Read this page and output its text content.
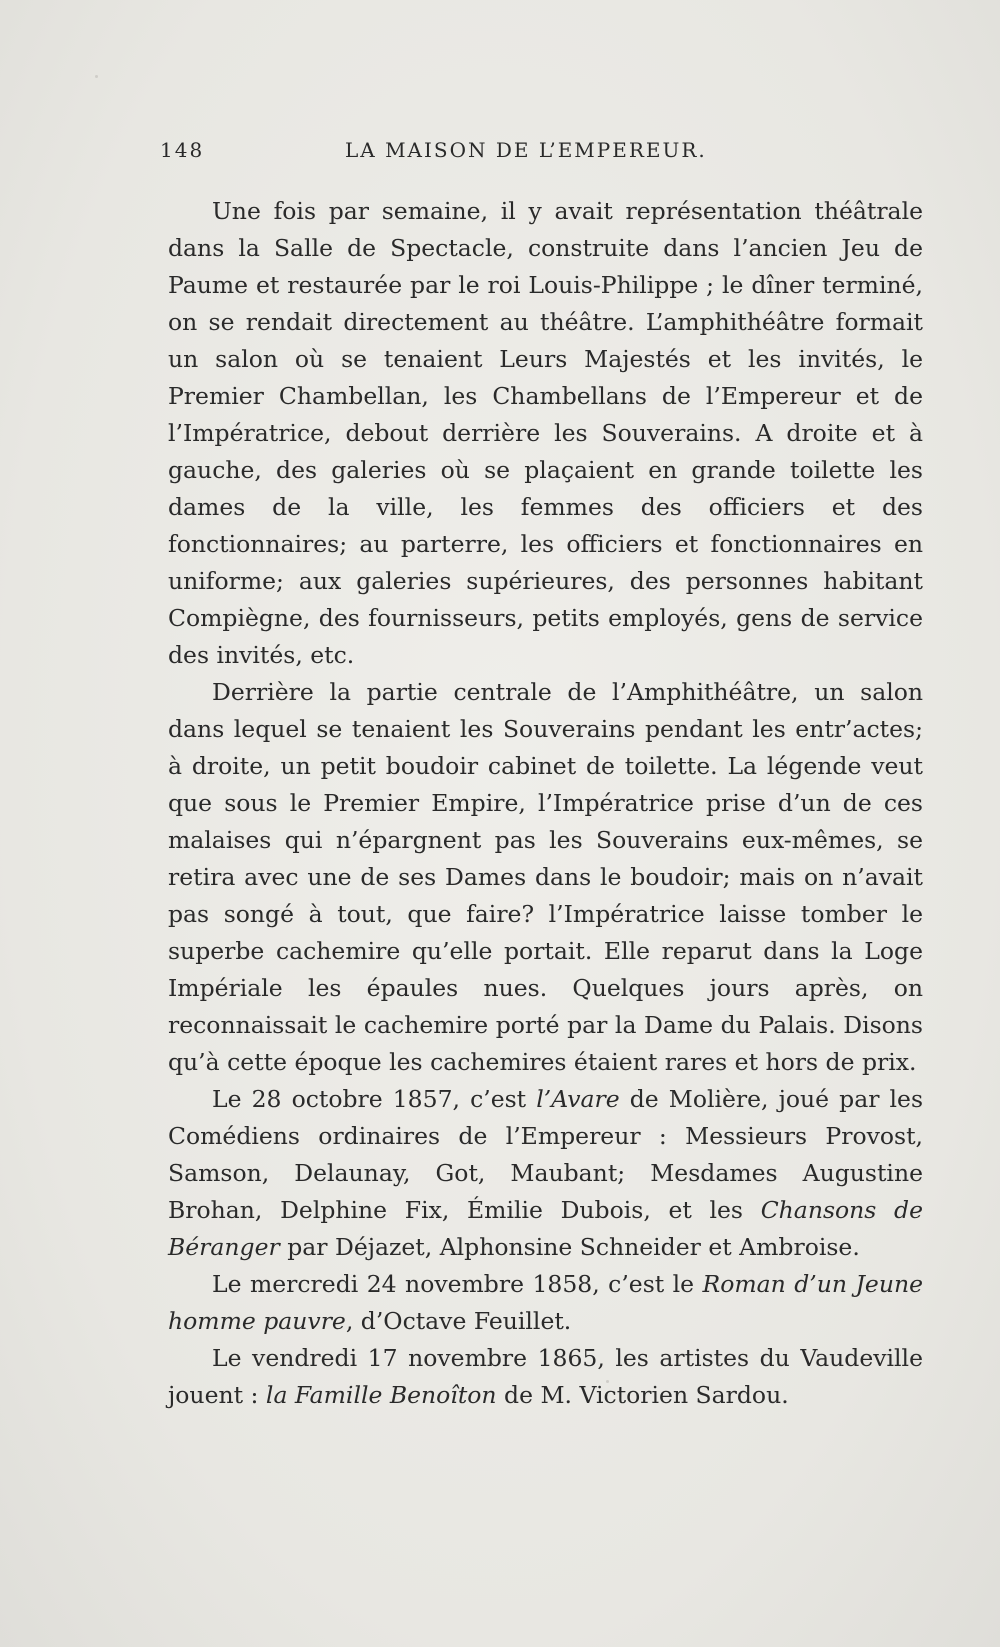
148	LA MAISON DE L’EMPEREUR.

Une fois par semaine, il y avait représentation théâtrale dans la Salle de Spectacle, construite dans l’ancien Jeu de Paume et restaurée par le roi Louis-Philippe ; le dîner terminé, on se rendait directement au théâtre. L’amphithéâtre formait un salon où se tenaient Leurs Majestés et les invités, le Premier Chambellan, les Chambellans de l’Empereur et de l’Impératrice, debout derrière les Souverains. A droite et à gauche, des galeries où se plaçaient en grande toilette les dames de la ville, les femmes des officiers et des fonctionnaires; au parterre, les officiers et fonctionnaires en uniforme; aux galeries supérieures, des personnes habitant Compiègne, des fournisseurs, petits employés, gens de service des invités, etc.

Derrière la partie centrale de l’Amphithéâtre, un salon dans lequel se tenaient les Souverains pendant les entr’actes; à droite, un petit boudoir cabinet de toilette. La légende veut que sous le Premier Empire, l’Impératrice prise d’un de ces malaises qui n’épargnent pas les Souverains eux-mêmes, se retira avec une de ses Dames dans le boudoir; mais on n’avait pas songé à tout, que faire? l’Impératrice laisse tomber le superbe cachemire qu’elle portait. Elle reparut dans la Loge Impériale les épaules nues. Quelques jours après, on reconnaissait le cachemire porté par la Dame du Palais. Disons qu’à cette époque les cachemires étaient rares et hors de prix.

Le 28 octobre 1857, c’est l’Avare de Molière, joué par les Comédiens ordinaires de l’Empereur : Messieurs Provost, Samson, Delaunay, Got, Maubant; Mesdames Augustine Brohan, Delphine Fix, Émilie Dubois, et les Chansons de Béranger par Déjazet, Alphonsine Schneider et Ambroise.

Le mercredi 24 novembre 1858, c’est le Roman d’un Jeune homme pauvre, d’Octave Feuillet.

Le vendredi 17 novembre 1865, les artistes du Vaudeville jouent : la Famille Benoîton de M. Victorien Sardou.
